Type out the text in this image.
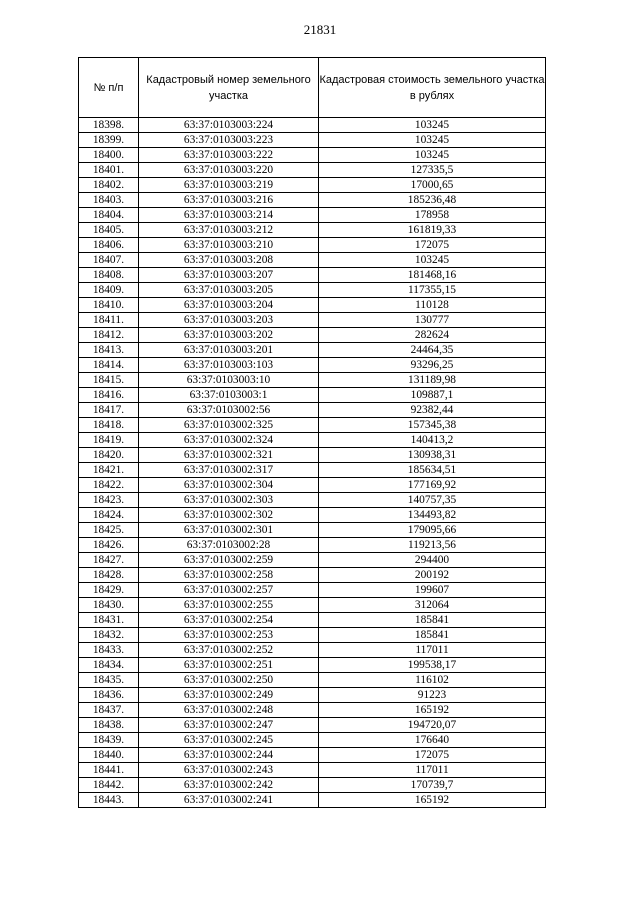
21831
№ п/п	Кадастровый номер земельного участка	Кадастровая стоимость земельного участка в рублях
18398.	63:37:0103003:224	103245
18399.	63:37:0103003:223	103245
18400.	63:37:0103003:222	103245
18401.	63:37:0103003:220	127335,5
18402.	63:37:0103003:219	17000,65
18403.	63:37:0103003:216	185236,48
18404.	63:37:0103003:214	178958
18405.	63:37:0103003:212	161819,33
18406.	63:37:0103003:210	172075
18407.	63:37:0103003:208	103245
18408.	63:37:0103003:207	181468,16
18409.	63:37:0103003:205	117355,15
18410.	63:37:0103003:204	110128
18411.	63:37:0103003:203	130777
18412.	63:37:0103003:202	282624
18413.	63:37:0103003:201	24464,35
18414.	63:37:0103003:103	93296,25
18415.	63:37:0103003:10	131189,98
18416.	63:37:0103003:1	109887,1
18417.	63:37:0103002:56	92382,44
18418.	63:37:0103002:325	157345,38
18419.	63:37:0103002:324	140413,2
18420.	63:37:0103002:321	130938,31
18421.	63:37:0103002:317	185634,51
18422.	63:37:0103002:304	177169,92
18423.	63:37:0103002:303	140757,35
18424.	63:37:0103002:302	134493,82
18425.	63:37:0103002:301	179095,66
18426.	63:37:0103002:28	119213,56
18427.	63:37:0103002:259	294400
18428.	63:37:0103002:258	200192
18429.	63:37:0103002:257	199607
18430.	63:37:0103002:255	312064
18431.	63:37:0103002:254	185841
18432.	63:37:0103002:253	185841
18433.	63:37:0103002:252	117011
18434.	63:37:0103002:251	199538,17
18435.	63:37:0103002:250	116102
18436.	63:37:0103002:249	91223
18437.	63:37:0103002:248	165192
18438.	63:37:0103002:247	194720,07
18439.	63:37:0103002:245	176640
18440.	63:37:0103002:244	172075
18441.	63:37:0103002:243	117011
18442.	63:37:0103002:242	170739,7
18443.	63:37:0103002:241	165192
